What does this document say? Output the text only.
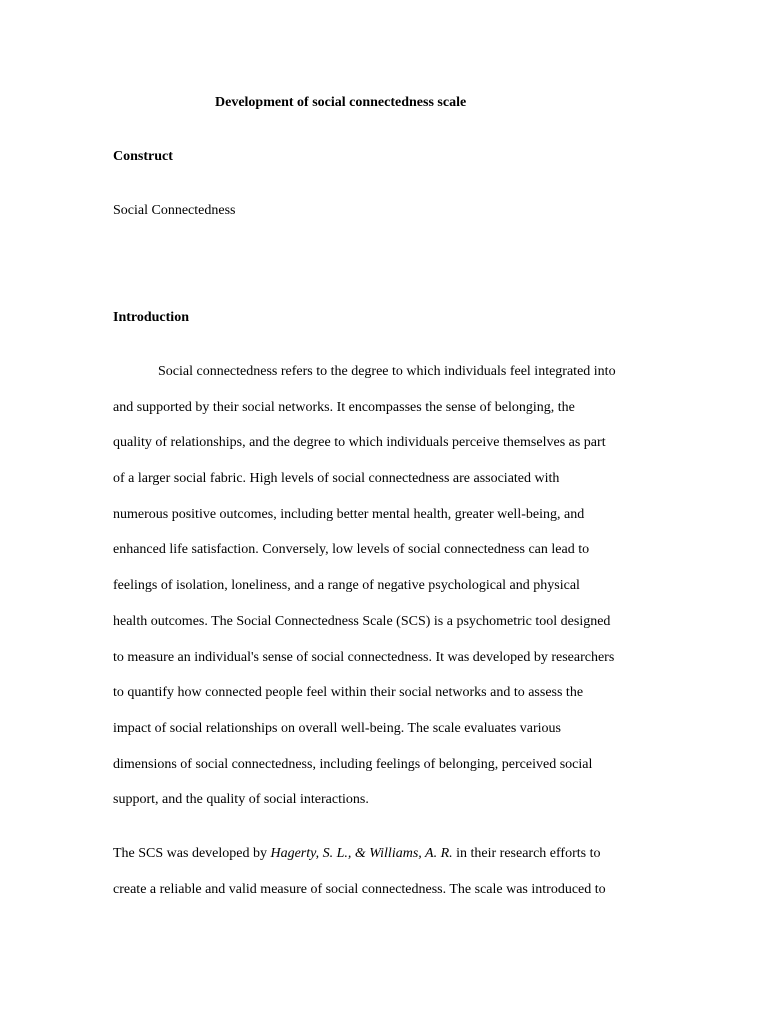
Development of social connectedness scale
Construct
Social Connectedness
Introduction
Social connectedness refers to the degree to which individuals feel integrated into
and supported by their social networks. It encompasses the sense of belonging, the
quality of relationships, and the degree to which individuals perceive themselves as part
of a larger social fabric. High levels of social connectedness are associated with
numerous positive outcomes, including better mental health, greater well-being, and
enhanced life satisfaction. Conversely, low levels of social connectedness can lead to
feelings of isolation, loneliness, and a range of negative psychological and physical
health outcomes. The Social Connectedness Scale (SCS) is a psychometric tool designed
to measure an individual's sense of social connectedness. It was developed by researchers
to quantify how connected people feel within their social networks and to assess the
impact of social relationships on overall well-being. The scale evaluates various
dimensions of social connectedness, including feelings of belonging, perceived social
support, and the quality of social interactions.
The SCS was developed by Hagerty, S. L., & Williams, A. R. in their research efforts to
create a reliable and valid measure of social connectedness. The scale was introduced to
